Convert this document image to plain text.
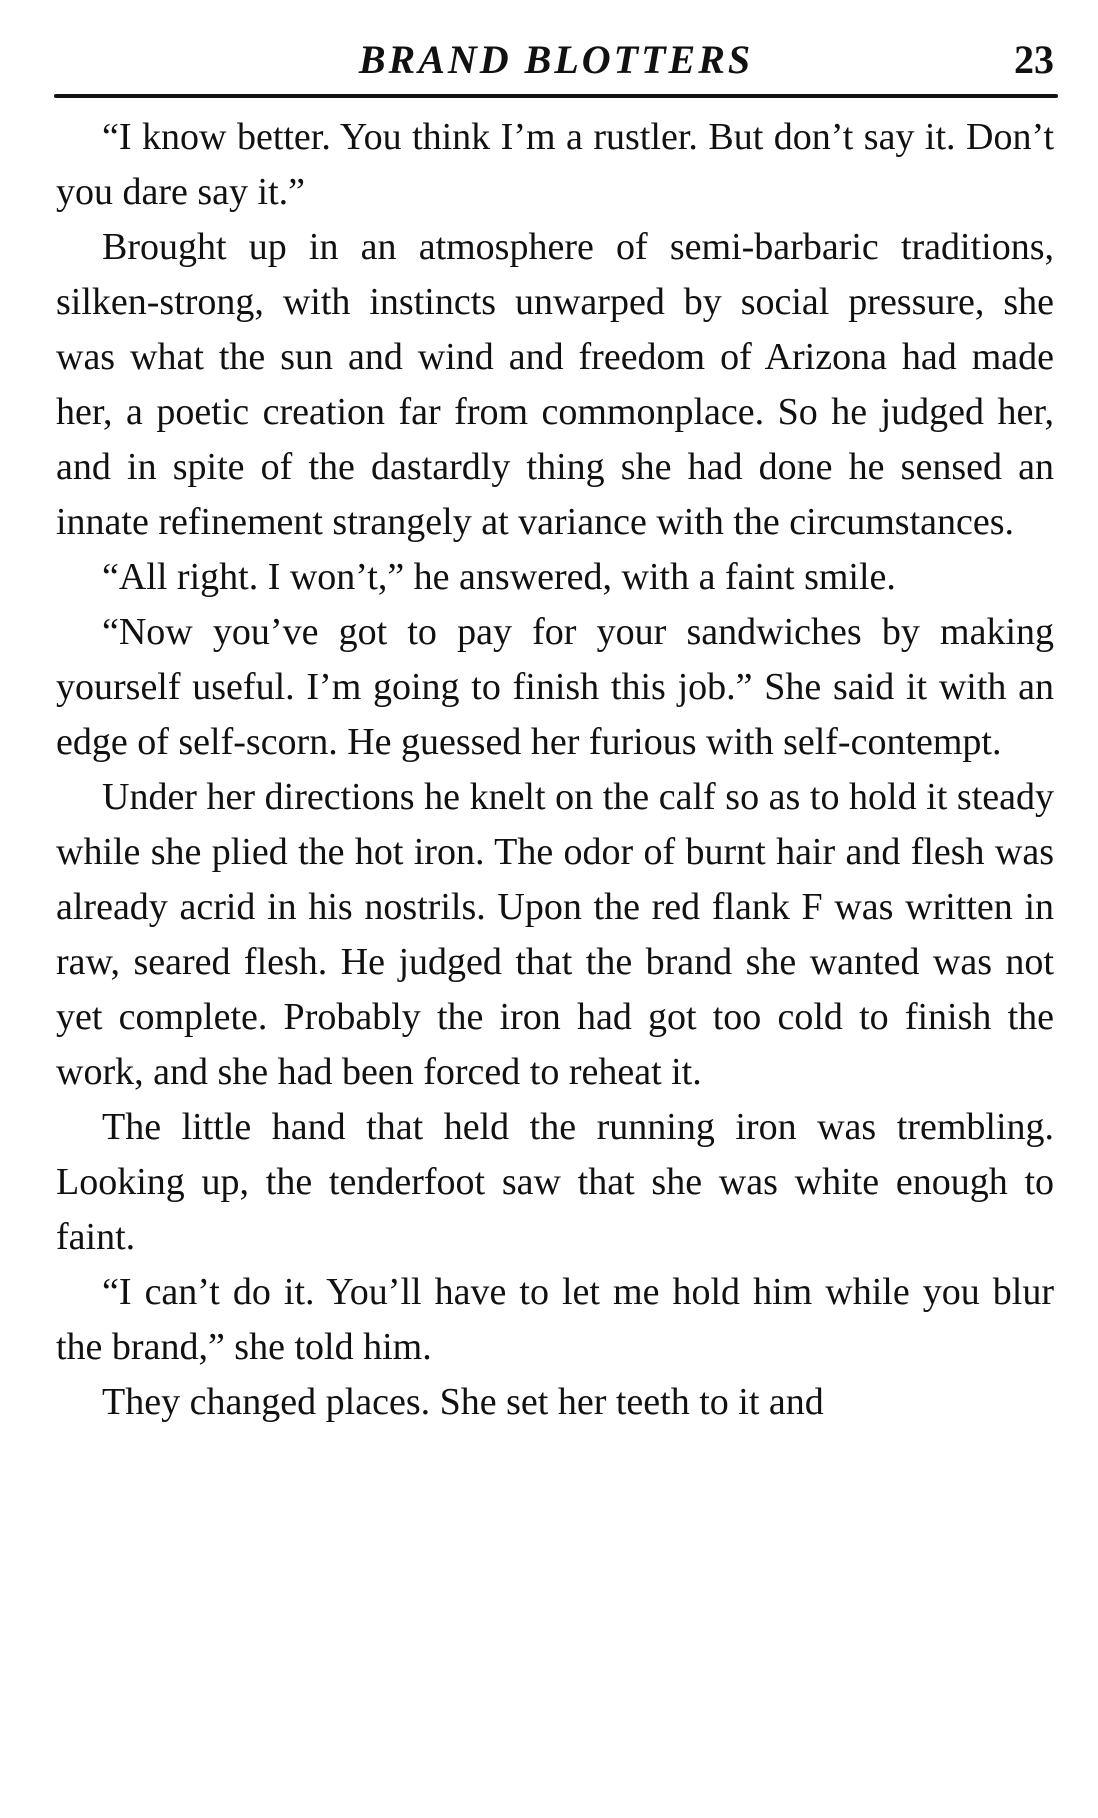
BRAND BLOTTERS	23

“I know better. You think I’m a rustler. But don’t say it. Don’t you dare say it.”

Brought up in an atmosphere of semi-barbaric traditions, silken-strong, with instincts unwarped by social pressure, she was what the sun and wind and freedom of Arizona had made her, a poetic creation far from commonplace. So he judged her, and in spite of the dastardly thing she had done he sensed an innate refinement strangely at variance with the circumstances.

“All right. I won’t,” he answered, with a faint smile.

“Now you’ve got to pay for your sandwiches by making yourself useful. I’m going to finish this job.” She said it with an edge of self-scorn. He guessed her furious with self-contempt.

Under her directions he knelt on the calf so as to hold it steady while she plied the hot iron. The odor of burnt hair and flesh was already acrid in his nostrils. Upon the red flank F was written in raw, seared flesh. He judged that the brand she wanted was not yet complete. Probably the iron had got too cold to finish the work, and she had been forced to reheat it.

The little hand that held the running iron was trembling. Looking up, the tenderfoot saw that she was white enough to faint.

“I can’t do it. You’ll have to let me hold him while you blur the brand,” she told him.

They changed places. She set her teeth to it and
